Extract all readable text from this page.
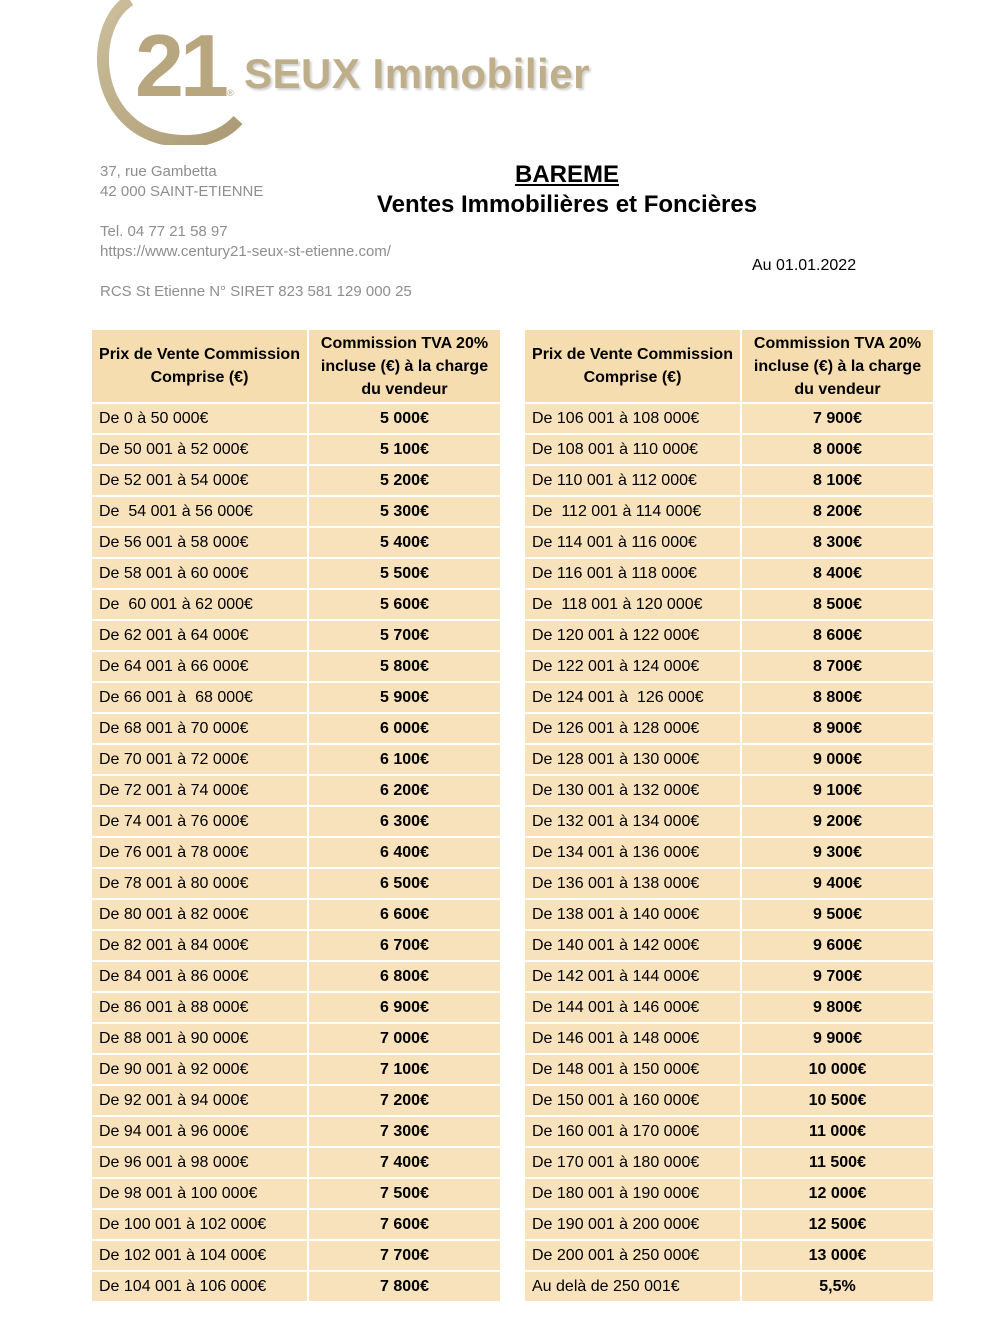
21 ® SEUX Immobilier
37, rue Gambetta
42 000 SAINT-ETIENNE
Tel. 04 77 21 58 97
https://www.century21-seux-st-etienne.com/
RCS St Etienne N° SIRET 823 581 129 000 25
BAREME
Ventes Immobilières et Foncières
Au 01.01.2022
Prix de Vente Commission Comprise (€)	Commission TVA 20% incluse (€) à la charge du vendeur
De 0 à 50 000€	5 000€
De 50 001 à 52 000€	5 100€
De 52 001 à 54 000€	5 200€
De  54 001 à 56 000€	5 300€
De 56 001 à 58 000€	5 400€
De 58 001 à 60 000€	5 500€
De  60 001 à 62 000€	5 600€
De 62 001 à 64 000€	5 700€
De 64 001 à 66 000€	5 800€
De 66 001 à  68 000€	5 900€
De 68 001 à 70 000€	6 000€
De 70 001 à 72 000€	6 100€
De 72 001 à 74 000€	6 200€
De 74 001 à 76 000€	6 300€
De 76 001 à 78 000€	6 400€
De 78 001 à 80 000€	6 500€
De 80 001 à 82 000€	6 600€
De 82 001 à 84 000€	6 700€
De 84 001 à 86 000€	6 800€
De 86 001 à 88 000€	6 900€
De 88 001 à 90 000€	7 000€
De 90 001 à 92 000€	7 100€
De 92 001 à 94 000€	7 200€
De 94 001 à 96 000€	7 300€
De 96 001 à 98 000€	7 400€
De 98 001 à 100 000€	7 500€
De 100 001 à 102 000€	7 600€
De 102 001 à 104 000€	7 700€
De 104 001 à 106 000€	7 800€
Prix de Vente Commission Comprise (€)	Commission TVA 20% incluse (€) à la charge du vendeur
De 106 001 à 108 000€	7 900€
De 108 001 à 110 000€	8 000€
De 110 001 à 112 000€	8 100€
De  112 001 à 114 000€	8 200€
De 114 001 à 116 000€	8 300€
De 116 001 à 118 000€	8 400€
De  118 001 à 120 000€	8 500€
De 120 001 à 122 000€	8 600€
De 122 001 à 124 000€	8 700€
De 124 001 à  126 000€	8 800€
De 126 001 à 128 000€	8 900€
De 128 001 à 130 000€	9 000€
De 130 001 à 132 000€	9 100€
De 132 001 à 134 000€	9 200€
De 134 001 à 136 000€	9 300€
De 136 001 à 138 000€	9 400€
De 138 001 à 140 000€	9 500€
De 140 001 à 142 000€	9 600€
De 142 001 à 144 000€	9 700€
De 144 001 à 146 000€	9 800€
De 146 001 à 148 000€	9 900€
De 148 001 à 150 000€	10 000€
De 150 001 à 160 000€	10 500€
De 160 001 à 170 000€	11 000€
De 170 001 à 180 000€	11 500€
De 180 001 à 190 000€	12 000€
De 190 001 à 200 000€	12 500€
De 200 001 à 250 000€	13 000€
Au delà de 250 001€	5,5%
